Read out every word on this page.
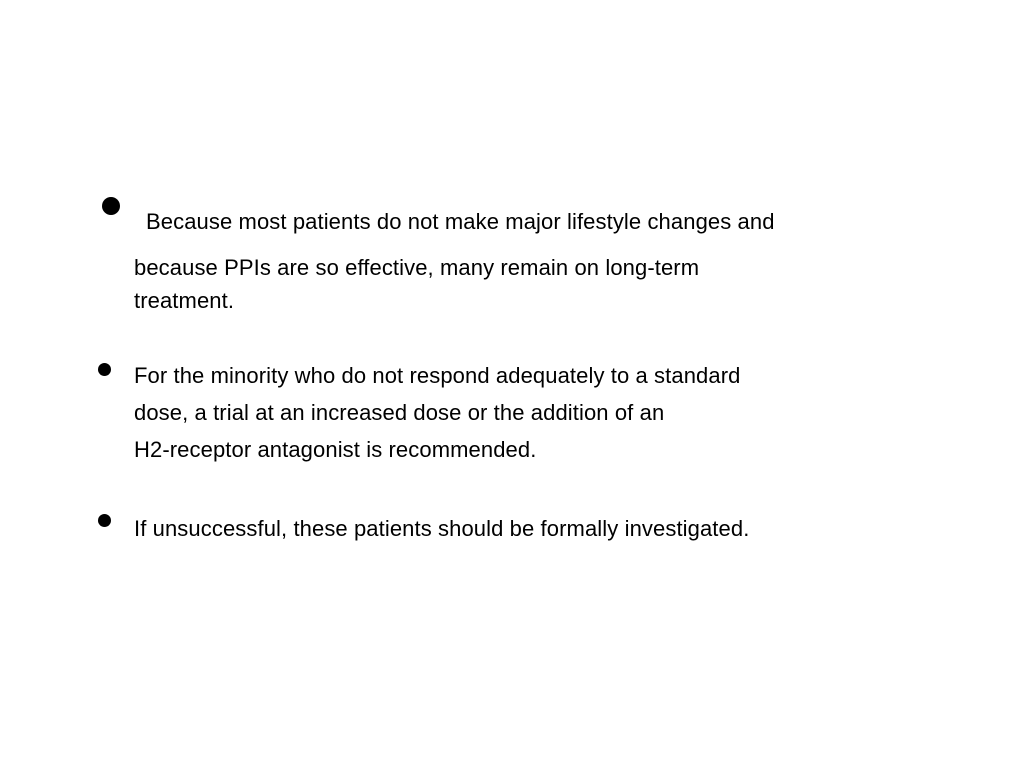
Because most patients do not make major lifestyle changes and
because PPIs are so effective, many remain on long-term
treatment.
For the minority who do not respond adequately to a standard
dose, a trial at an increased dose or the addition of an
H2-receptor antagonist is recommended.
If unsuccessful, these patients should be formally investigated.
